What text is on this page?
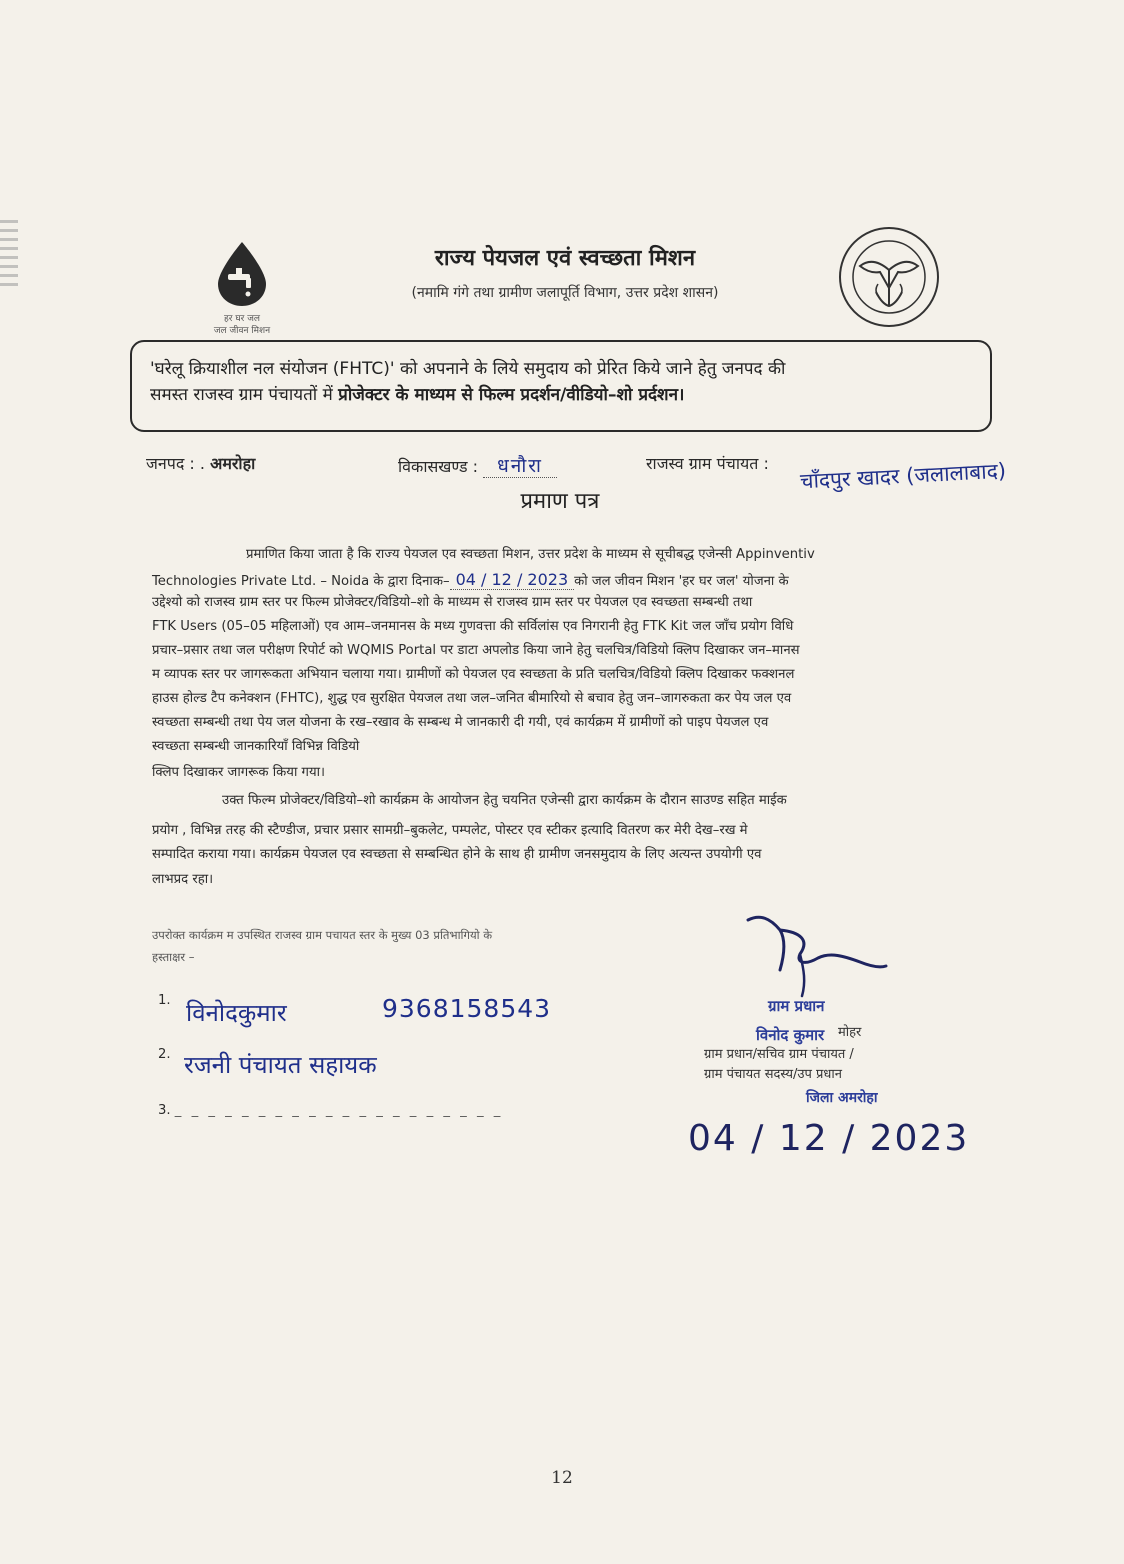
हर घर जल
जल जीवन मिशन
राज्य पेयजल एवं स्वच्छता मिशन
(नमामि गंगे तथा ग्रामीण जलापूर्ति विभाग, उत्तर प्रदेश शासन)
'घरेलू क्रियाशील नल संयोजन (FHTC)' को अपनाने के लिये समुदाय को प्रेरित किये जाने हेतु जनपद की
समस्त राजस्व ग्राम पंचायतों में प्रोजेक्टर के माध्यम से फिल्म प्रदर्शन/वीडियो–शो प्रर्दशन।
जनपद : . अमरोहा	विकासखण्ड : धनौरा	राजस्व ग्राम पंचायत : चाँदपुर खादर (जलालाबाद)
प्रमाण पत्र
प्रमाणित किया जाता है कि राज्य पेयजल एव स्वच्छता मिशन, उत्तर प्रदेश के माध्यम से सूचीबद्ध एजेन्सी Appinventiv
Technologies Private Ltd. – Noida के द्वारा दिनाक– 04 / 12 / 2023 को जल जीवन मिशन 'हर घर जल' योजना के
उद्देश्यो को राजस्व ग्राम स्तर पर फिल्म प्रोजेक्टर/विडियो–शो के माध्यम से राजस्व ग्राम स्तर पर पेयजल एव स्वच्छता सम्बन्धी तथा
FTK Users (05–05 महिलाओं) एव आम–जनमानस के मध्य गुणवत्ता की सर्विलांस एव निगरानी हेतु FTK Kit जल जाँच प्रयोग विधि
प्रचार–प्रसार तथा जल परीक्षण रिपोर्ट को WQMIS Portal पर डाटा अपलोड किया जाने हेतु चलचित्र/विडियो क्लिप दिखाकर जन–मानस
म व्यापक स्तर पर जागरूकता अभियान चलाया गया। ग्रामीणों को पेयजल एव स्वच्छता के प्रति चलचित्र/विडियो क्लिप दिखाकर फक्शनल
हाउस होल्ड टैप कनेक्शन (FHTC), शुद्ध एव सुरक्षित पेयजल तथा जल–जनित बीमारियो से बचाव हेतु जन–जागरुकता कर पेय जल एव
स्वच्छता सम्बन्धी तथा पेय जल योजना के रख–रखाव के सम्बन्ध मे जानकारी दी गयी, एवं कार्यक्रम में ग्रामीणों को पाइप पेयजल एव
स्वच्छता सम्बन्धी जानकारियाँ विभिन्न विडियो
क्लिप दिखाकर जागरूक किया गया।
उक्त फिल्म प्रोजेक्टर/विडियो–शो कार्यक्रम के आयोजन हेतु चयनित एजेन्सी द्वारा कार्यक्रम के दौरान साउण्ड सहित माईक
प्रयोग , विभिन्न तरह की स्टैण्डीज, प्रचार प्रसार सामग्री–बुकलेट, पम्पलेट, पोस्टर एव स्टीकर इत्यादि वितरण कर मेरी देख–रख मे
सम्पादित कराया गया। कार्यक्रम पेयजल एव स्वच्छता से सम्बन्धित होने के साथ ही ग्रामीण जनसमुदाय के लिए अत्यन्त उपयोगी एव
लाभप्रद रहा।
उपरोक्त कार्यक्रम म उपस्थित राजस्व ग्राम पचायत स्तर के मुख्य 03 प्रतिभागियो के
हस्ताक्षर –
1. विनोदकुमार	9368158543
2. रजनी पंचायत सहायक
3. _ _ _ _ _ _ _ _ _ _ _ _ _ _ _ _ _ _ _ _
ग्राम प्रधान
विनोद कुमार मोहर
ग्राम प्रधान/सचिव ग्राम पंचायत /
ग्राम पंचायत सदस्य/उप प्रधान
जिला अमरोहा
04 / 12 / 2023
12
